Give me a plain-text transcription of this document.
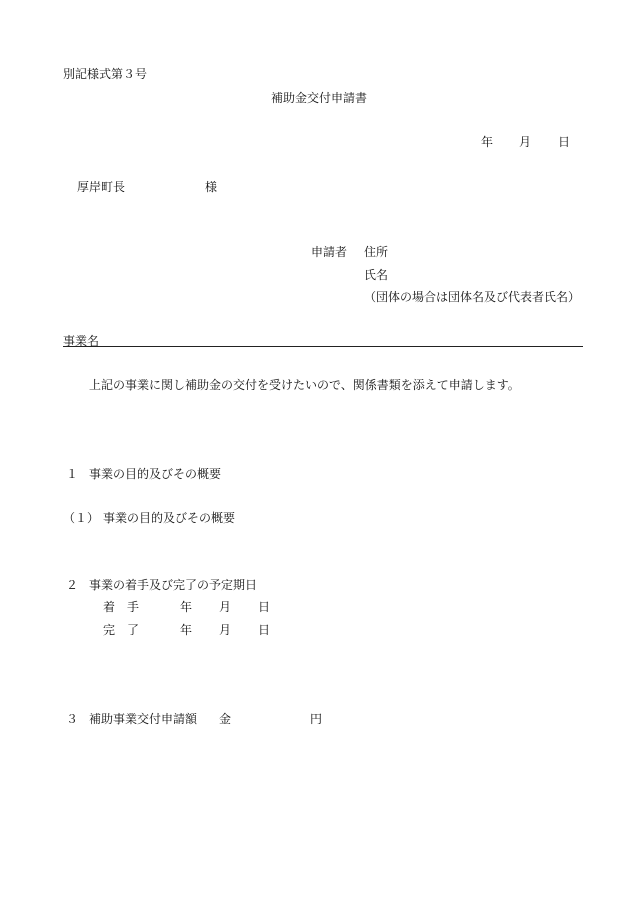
別記様式第３号
補助金交付申請書
年 月 日
厚岸町長	様
申請者 住所
氏名
（団体の場合は団体名及び代表者氏名）
事業名
上記の事業に関し補助金の交付を受けたいので、関係書類を添えて申請します。
１ 事業の目的及びその概要
（１） 事業の目的及びその概要
２ 事業の着手及び完了の予定期日
着　手	年 月 日
完　了	年 月 日
３ 補助事業交付申請額 金	円
